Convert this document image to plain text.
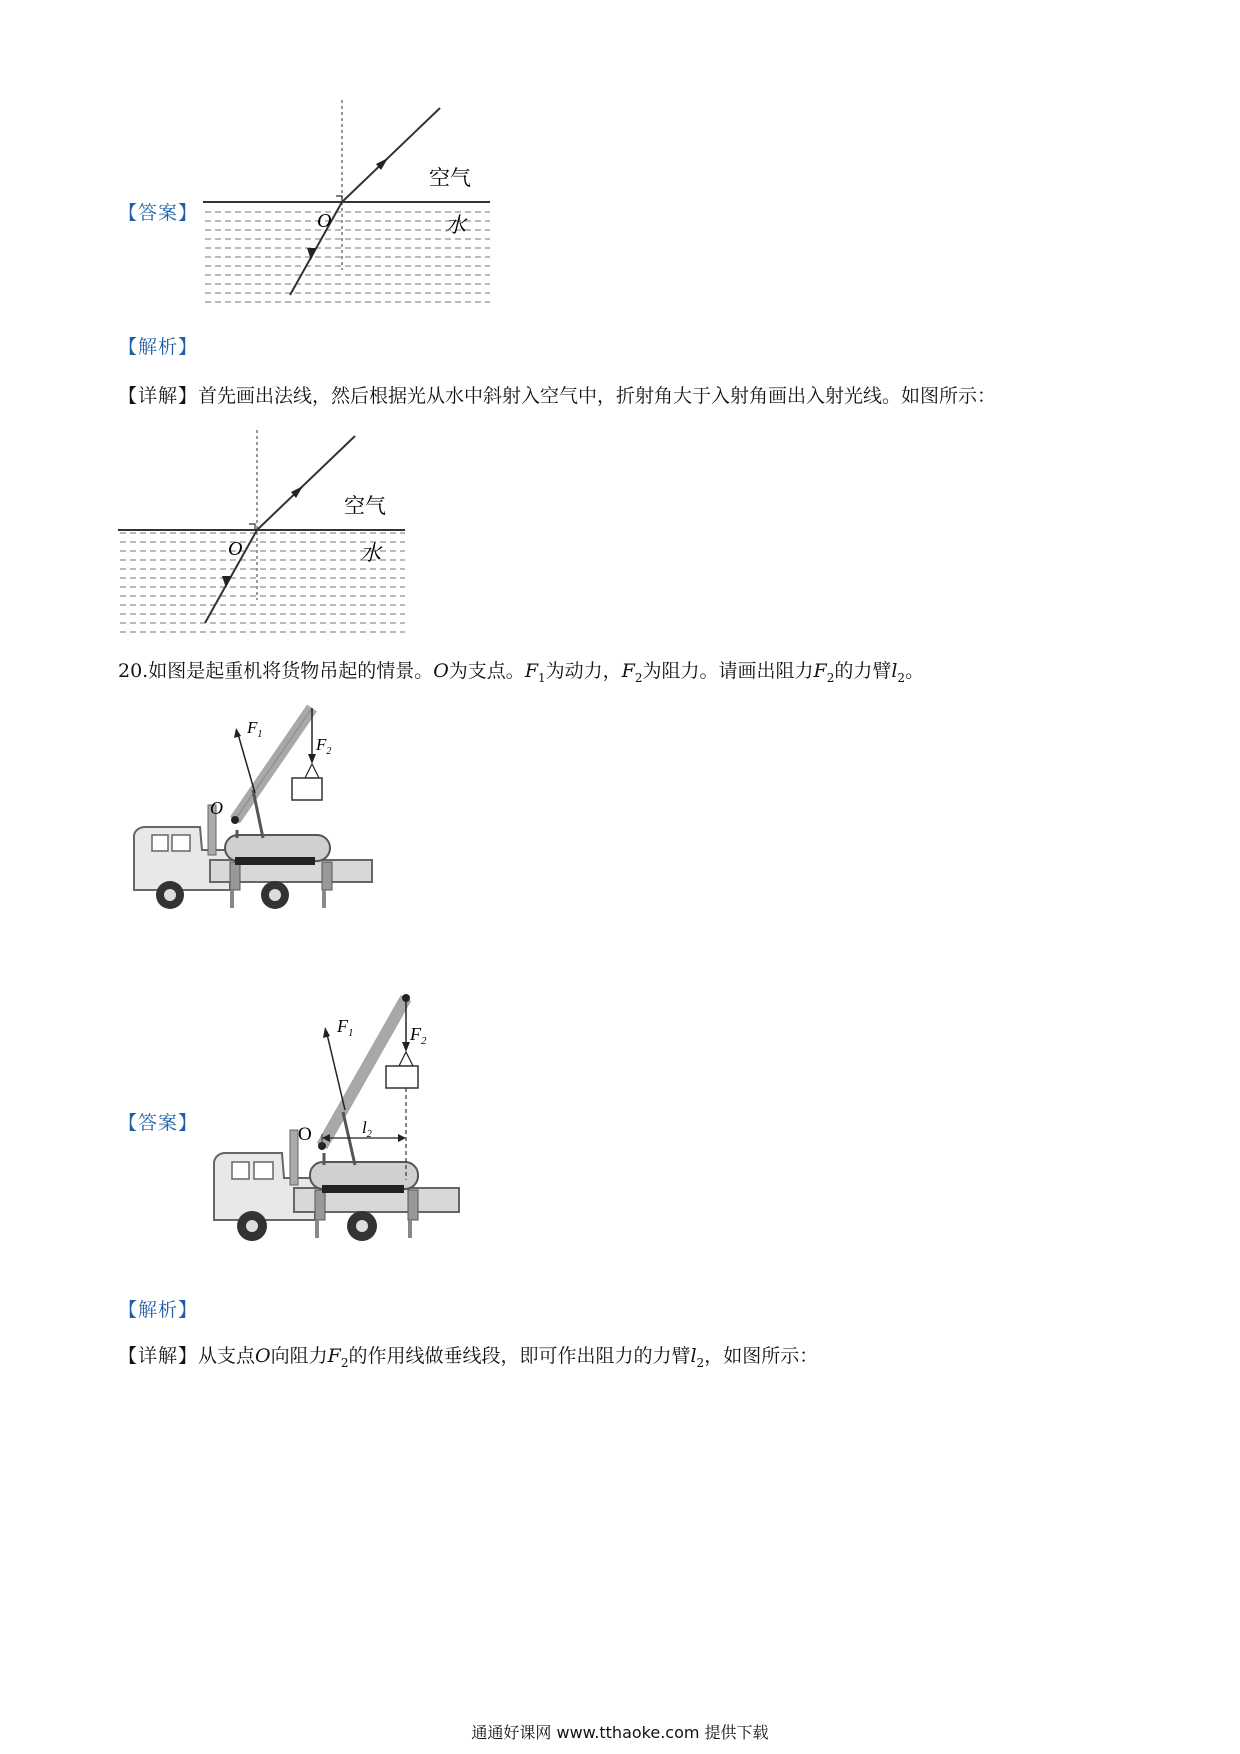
【答案】	O
空气
水
【解析】
【详解】首先画出法线，然后根据光从水中斜射入空气中，折射角大于入射角画出入射光线。如图所示：
O
空气
水
20.如图是起重机将货物吊起的情景。O为支点。$F_1$为动力，$F_2$为阻力。请画出阻力$F_2$的力臂$l_2$。
$F_1$
$F_2$
O
【答案】
$F_1$	$F_2$
O	$l_2$
【解析】
【详解】从支点O向阻力$F_2$的作用线做垂线段，即可作出阻力的力臂$l_2$，如图所示：
通通好课网 www.tthaoke.com 提供下载
